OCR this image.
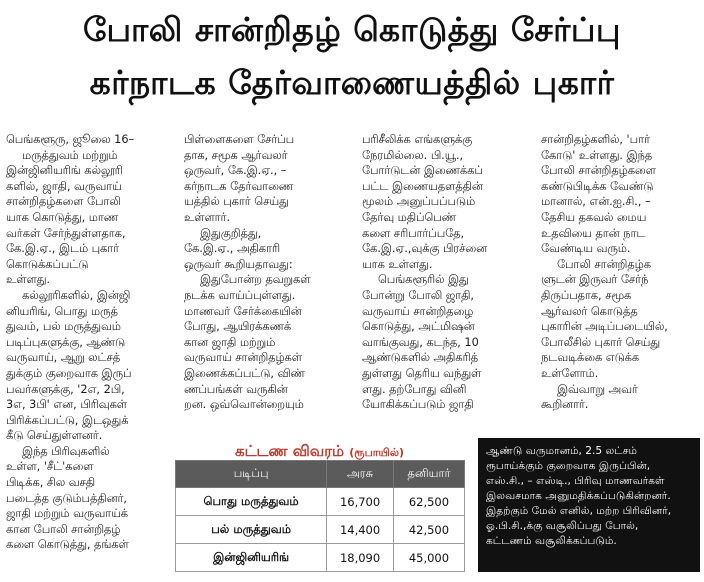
போலி சான்றிதழ் கொடுத்து சேர்ப்பு
கர்நாடக தேர்வாணையத்தில் புகார்
பெங்களூரு, ஜூலை 16–
மருத்துவம் மற்றும்
இன்ஜினியரிங் கல்லூரி
களில், ஜாதி, வருவாய்
சான்றிதழ்களை போலி
யாக கொடுத்து, மாண
வர்கள் சேர்ந்துள்ளதாக,
கே.இ.ஏ., இடம் புகார்
கொடுக்கப்பட்டு
உள்ளது.
கல்லூரிகளில், இன்ஜி
னியரிங், பொது மருத்
துவம், பல் மருத்துவம்
படிப்புகளுக்கு, ஆண்டு
வருவாய், ஆறு லட்சத்
துக்கும் குறைவாக இருப்
பவர்களுக்கு, '2எ, 2பி,
3எ, 3பி' என, பிரிவுகள்
பிரிக்கப்பட்டு, இடஒதுக்
கீடு செய்துள்ளனர்.
இந்த பிரிவுகளில்
உள்ள, 'சீட்'களை
பிடிக்க, சில வசதி
படைத்த குடும்பத்தினர்,
ஜாதி மற்றும் வருவாய்க்
கான போலி சான்றிதழ்
களை கொடுத்து, தங்கள்
பிள்ளைகளை சேர்ப்ப
தாக, சமூக ஆர்வலர்
ஒருவர், கே.இ.ஏ., –
கர்நாடக தேர்வாணை
யத்தில் புகார் செய்து
உள்ளார்.
இதுகுறித்து,
கே.இ.ஏ., அதிகாரி
ஒருவர் கூறியதாவது:
இதுபோன்ற தவறுகள்
நடக்க வாய்ப்புள்ளது.
மாணவர் சேர்க்கையின்
போது, ஆயிரக்கணக்
கான ஜாதி மற்றும்
வருவாய் சான்றிதழ்கள்
இணைக்கப்பட்டு, விண்
ணப்பங்கள் வருகின்
றன. ஒவ்வொன்றையும்
பரிசீலிக்க எங்களுக்கு
நேரமில்லை. பி.யூ.,
போர்டுடன் இணைக்கப்
பட்ட இணையதளத்தின்
மூலம் அனுப்பப்படும்
தேர்வு மதிப்பெண்
களை சரிபார்ப்பதே,
கே.இ.ஏ.,வுக்கு பிரச்னை
யாக உள்ளது.
பெங்களூரில் இது
போன்று போலி ஜாதி,
வருவாய் சான்றிதழை
கொடுத்து, அட்மிஷன்
வாங்குவது, கடந்த, 10
ஆண்டுகளில் அதிகரித்
துள்ளது தெரிய வந்துள்
ளது. தற்போது வினி
யோகிக்கப்படும் ஜாதி
சான்றிதழ்களில், 'பார்
கோடு' உள்ளது. இந்த
போலி சான்றிதழ்களை
கண்டுபிடிக்க வேண்டு
மானால், என்.ஐ.சி., –
தேசிய தகவல் மைய
உதவியை தான் நாட
வேண்டிய வரும்.
போலி சான்றிதழ்க
ளுடன் இருவர் சேர்ந்
திருப்பதாக, சமூக
ஆர்வலர் கொடுத்த
புகாரின் அடிப்படையில்,
போலீசில் புகார் செய்து
நடவடிக்கை எடுக்க
உள்ளோம்.
இவ்வாறு அவர்
கூறினார்.
கட்டண விவரம் (ரூபாயில்)
படிப்பு	அரசு	தனியார்
பொது மருத்துவம்	16,700	62,500
பல் மருத்துவம்	14,400	42,500
இன்ஜினியரிங்	18,090	45,000
ஆண்டு வருமானம், 2.5 லட்சம்
ரூபாய்க்கும் குறைவாக இருப்பின்,
எஸ்.சி., – எஸ்டி., பிரிவு மாணவர்கள்
இலவசமாக அனுமதிக்கப்படுகின்றனர்.
இதற்கும் மேல் எனில், மற்ற பிரிவினர்,
ஓ.பி.சி.,க்கு வசூலிப்பது போல்,
கட்டணம் வசூலிக்கப்படும்.
